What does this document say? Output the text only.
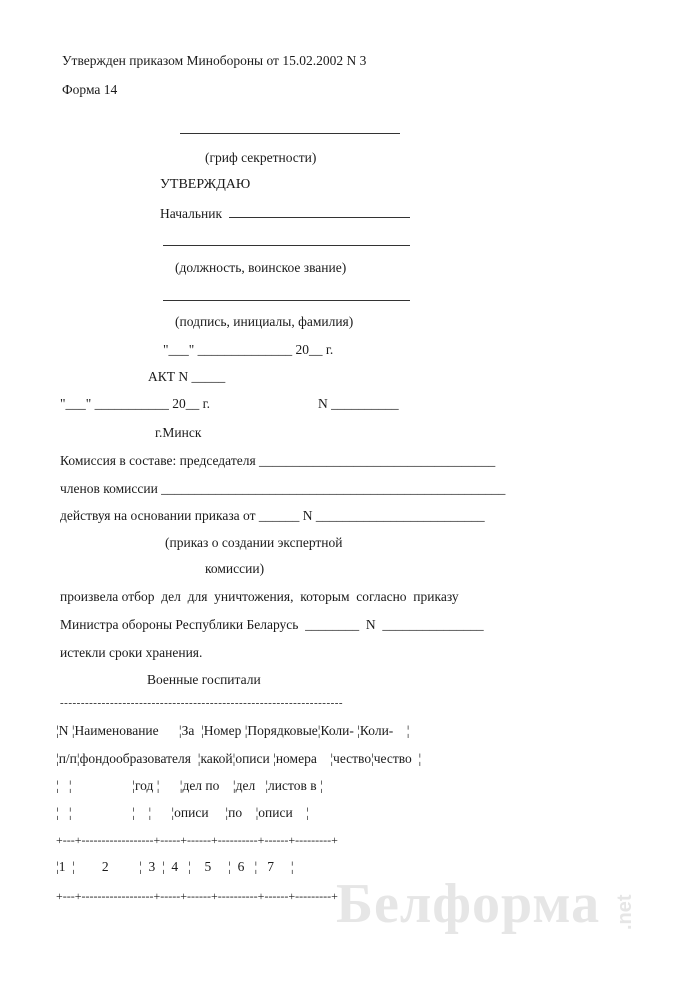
Утвержден приказом Минобороны от 15.02.2002 N 3
Форма 14
(гриф секретности)
УТВЕРЖДАЮ
Начальник
(должность, воинское звание)
(подпись, инициалы, фамилия)
"___" ______________ 20__ г.
АКТ N _____
"___" ___________ 20__ г.	N __________
г.Минск
Комиссия в составе: председателя ___________________________________
членов комиссии ___________________________________________________
действуя на основании приказа от ______ N _________________________
(приказ о создании экспертной
комиссии)
произвела отбор  дел  для  уничтожения,  которым  согласно  приказу
Министра обороны Республики Беларусь  ________  N  _______________
истекли сроки хранения.
Военные госпитали
--------------------------------------------------------------------
¦N ¦Наименование      ¦За  ¦Номер ¦Порядковые¦Коли- ¦Коли-    ¦
¦п/п¦фондообразователя  ¦какой¦описи ¦номера    ¦чество¦чество  ¦
¦   ¦                  ¦год ¦      ¦дел по    ¦дел   ¦листов в ¦
¦   ¦                  ¦    ¦      ¦описи     ¦по    ¦описи    ¦
+---+------------------+-----+------+----------+------+---------+
¦1  ¦        2         ¦  3  ¦  4   ¦    5     ¦  6   ¦   7     ¦
+---+------------------+-----+------+----------+------+---------+
Белформа .net
